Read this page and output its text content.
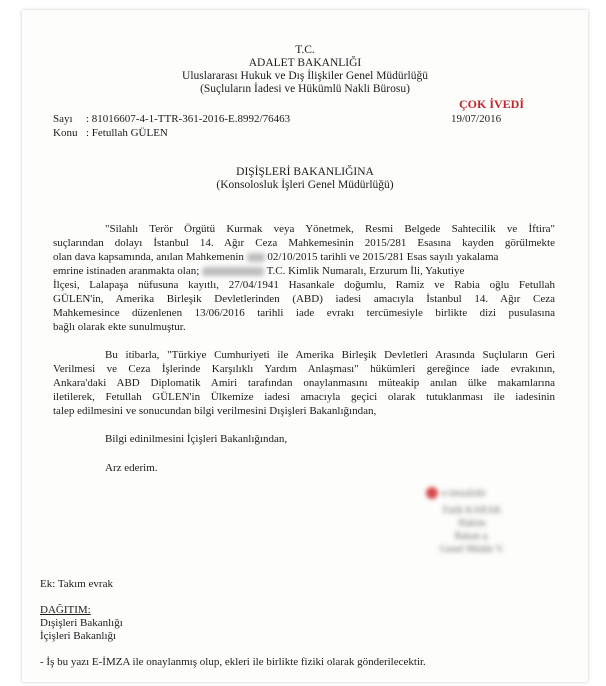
T.C.
ADALET BAKANLIĞI
Uluslararası Hukuk ve Dış İlişkiler Genel Müdürlüğü
(Suçluların İadesi ve Hükümlü Nakli Bürosu)
ÇOK İVEDİ
Sayı : 81016607-4-1-TTR-361-2016-E.8992/76463	19/07/2016
Konu : Fetullah GÜLEN
DIŞİŞLERİ BAKANLIĞINA
(Konsolosluk İşleri Genel Müdürlüğü)
"Silahlı Terör Örgütü Kurmak veya Yönetmek, Resmi Belgede Sahtecilik ve İftira"
suçlarından dolayı İstanbul 14. Ağır Ceza Mahkemesinin 2015/281 Esasına kayden görülmekte
olan dava kapsamında, anılan Mahkemenin 02/10/2015 tarihli ve 2015/281 Esas sayılı yakalama
emrine istinaden aranmakta olan;	T.C. Kimlik Numaralı, Erzurum İli, Yakutiye
İlçesi, Lalapaşa nüfusuna kayıtlı, 27/04/1941 Hasankale doğumlu, Ramiz ve Rabia oğlu Fetullah
GÜLEN'in, Amerika Birleşik Devletlerinden (ABD) iadesi amacıyla İstanbul 14. Ağır Ceza
Mahkemesince düzenlenen 13/06/2016 tarihli iade evrakı tercümesiyle birlikte dizi pusulasına
bağlı olarak ekte sunulmuştur.
Bu itibarla, "Türkiye Cumhuriyeti ile Amerika Birleşik Devletleri Arasında Suçluların Geri
Verilmesi ve Ceza İşlerinde Karşılıklı Yardım Anlaşması" hükümleri gereğince iade evrakının,
Ankara'daki ABD Diplomatik Amiri tarafından onaylanmasını müteakip anılan ülke makamlarına
iletilerek, Fetullah GÜLEN'in Ülkemize iadesi amacıyla geçici olarak tutuklanması ile iadesinin
talep edilmesini ve sonucundan bilgi verilmesini Dışişleri Bakanlığından,
Bilgi edinilmesini İçişleri Bakanlığından,
Arz ederim.
e-imzalıdır
Fatih KARAK
Hakim
Bakan a.
Genel Müdür V.
Ek: Takım evrak
DAĞITIM:
Dışişleri Bakanlığı
İçişleri Bakanlığı
- İş bu yazı E-İMZA ile onaylanmış olup, ekleri ile birlikte fiziki olarak gönderilecektir.
